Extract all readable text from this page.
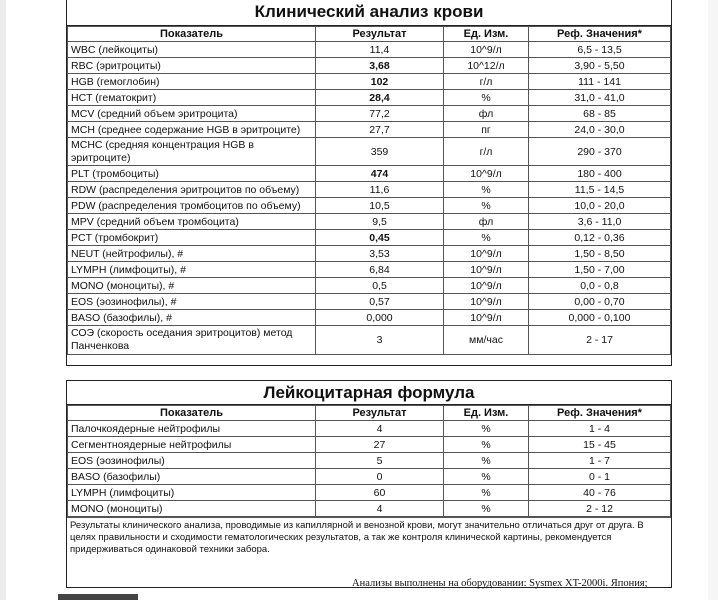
Клинический анализ крови
Показатель	Результат	Ед. Изм.	Реф. Значения*
WBC (лейкоциты)	11,4	10^9/л	6,5 - 13,5
RBC (эритроциты)	3,68	10^12/л	3,90 - 5,50
HGB (гемоглобин)	102	г/л	111 - 141
HCT (гематокрит)	28,4	%	31,0 - 41,0
MCV (средний объем эритроцита)	77,2	фл	68 - 85
MCH (среднее содержание HGB в эритроците)	27,7	пг	24,0 - 30,0
MCHC (средняя концентрация HGB в эритроците)	359	г/л	290 - 370
PLT (тромбоциты)	474	10^9/л	180 - 400
RDW (распределения эритроцитов по объему)	11,6	%	11,5 - 14,5
PDW (распределения тромбоцитов по объему)	10,5	%	10,0 - 20,0
MPV (средний объем тромбоцита)	9,5	фл	3,6 - 11,0
PCT (тромбокрит)	0,45	%	0,12 - 0,36
NEUT (нейтрофилы), #	3,53	10^9/л	1,50 - 8,50
LYMPH (лимфоциты), #	6,84	10^9/л	1,50 - 7,00
MONO (моноциты), #	0,5	10^9/л	0,0 - 0,8
EOS (эозинофилы), #	0,57	10^9/л	0,00 - 0,70
BASO (базофилы), #	0,000	10^9/л	0,000 - 0,100
СОЭ (скорость оседания эритроцитов) метод Панченкова	3	мм/час	2 - 17
Лейкоцитарная формула
Показатель	Результат	Ед. Изм.	Реф. Значения*
Палочкоядерные нейтрофилы	4	%	1 - 4
Сегментноядерные нейтрофилы	27	%	15 - 45
EOS (эозинофилы)	5	%	1 - 7
BASO (базофилы)	0	%	0 - 1
LYMPH (лимфоциты)	60	%	40 - 76
MONO (моноциты)	4	%	2 - 12
Результаты клинического анализа, проводимые из капиллярной и венозной крови, могут значительно отличаться друг от друга. В целях правильности и сходимости гематологических результатов, а так же контроля клинической картины, рекомендуется придерживаться одинаковой техники забора.
Анализы выполнены на оборудовании: Sysmex XT-2000i. Япония;
